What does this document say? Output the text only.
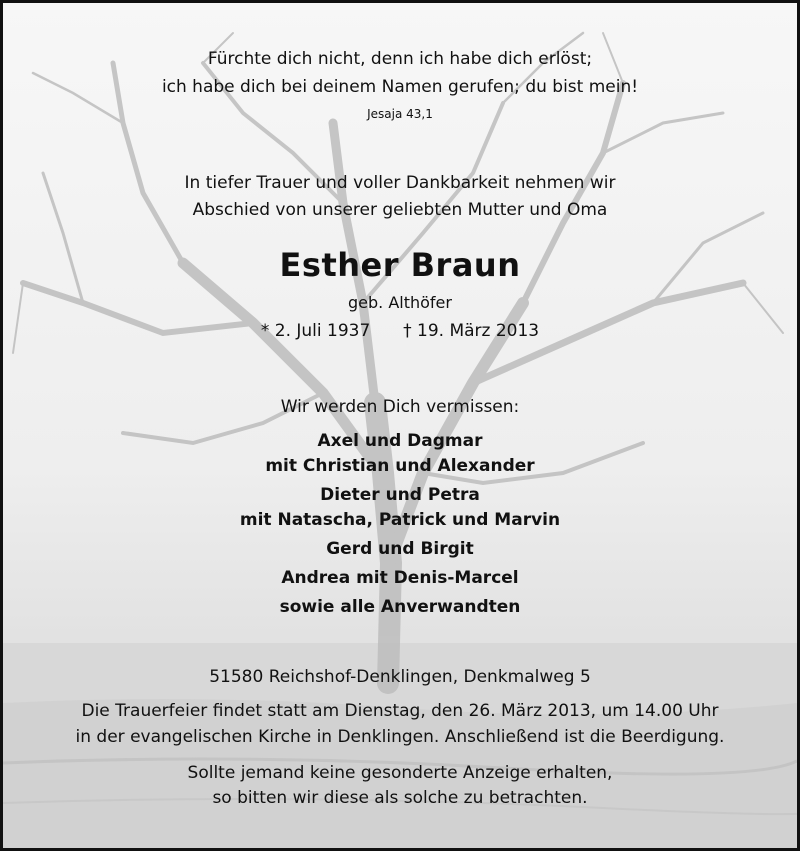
Fürchte dich nicht, denn ich habe dich erlöst;
ich habe dich bei deinem Namen gerufen; du bist mein!
Jesaja 43,1
In tiefer Trauer und voller Dankbarkeit nehmen wir
Abschied von unserer geliebten Mutter und Oma
Esther Braun
geb. Althöfer
* 2. Juli 1937 † 19. März 2013
Wir werden Dich vermissen:
Axel und Dagmar
mit Christian und Alexander
Dieter und Petra
mit Natascha, Patrick und Marvin
Gerd und Birgit
Andrea mit Denis-Marcel
sowie alle Anverwandten
51580 Reichshof-Denklingen, Denkmalweg 5
Die Trauerfeier findet statt am Dienstag, den 26. März 2013, um 14.00 Uhr
in der evangelischen Kirche in Denklingen. Anschließend ist die Beerdigung.
Sollte jemand keine gesonderte Anzeige erhalten,
so bitten wir diese als solche zu betrachten.
